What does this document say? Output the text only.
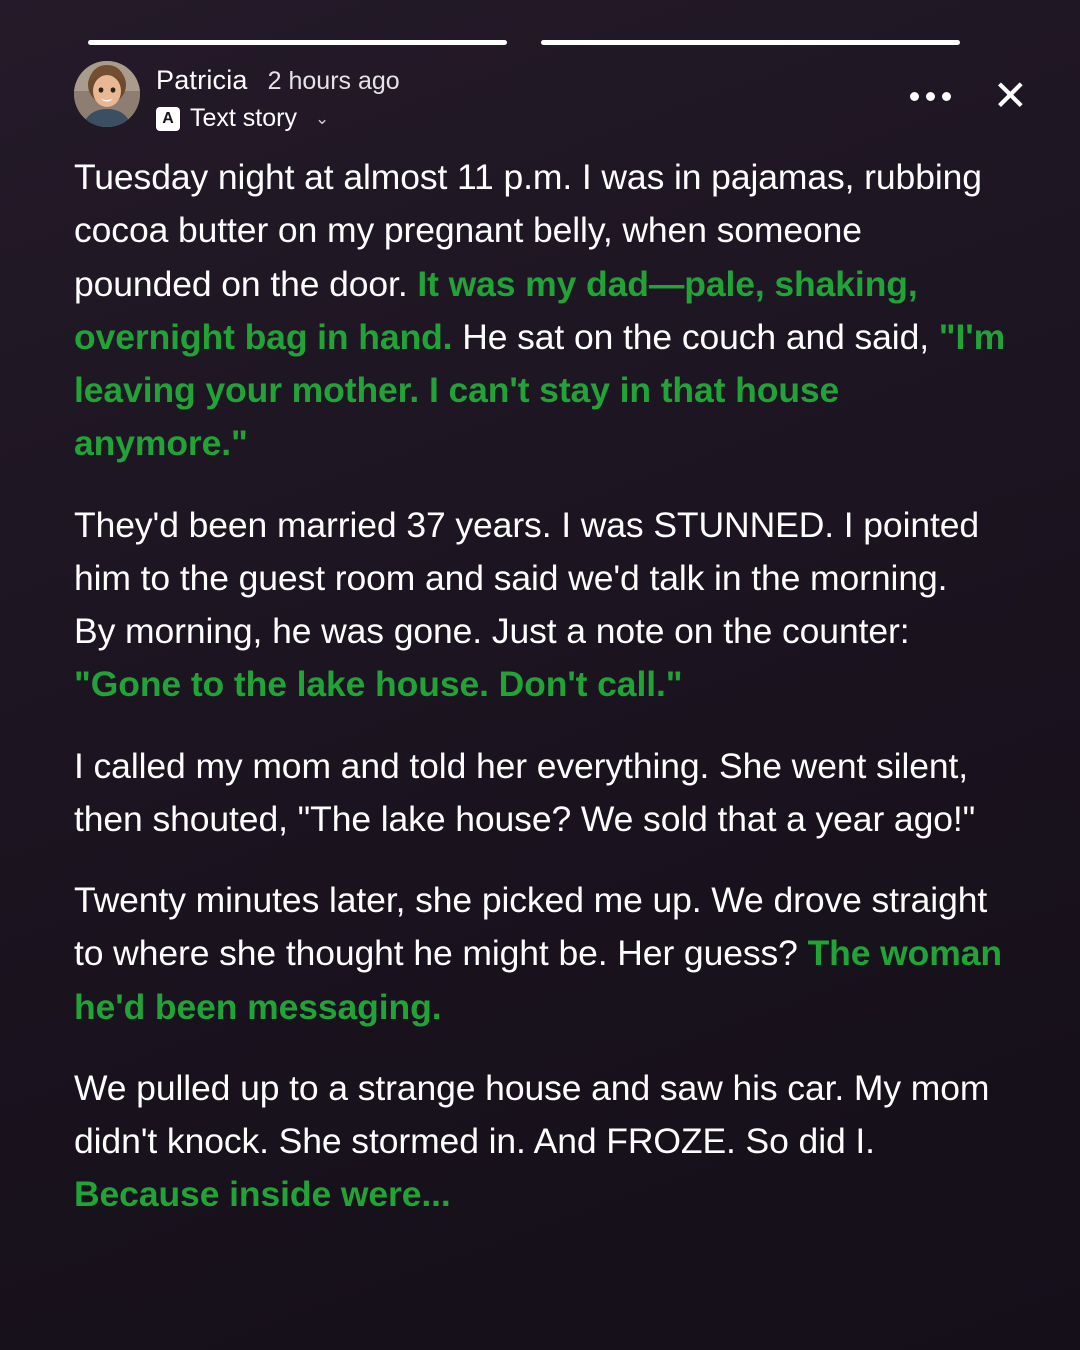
Patricia 2 hours ago
A Text story ⌄	✕
Tuesday night at almost 11 p.m. I was in pajamas, rubbing cocoa butter on my pregnant belly, when someone pounded on the door. It was my dad—pale, shaking, overnight bag in hand. He sat on the couch and said, "I'm leaving your mother. I can't stay in that house anymore."
They'd been married 37 years. I was STUNNED. I pointed him to the guest room and said we'd talk in the morning.
By morning, he was gone. Just a note on the counter: "Gone to the lake house. Don't call."
I called my mom and told her everything. She went silent, then shouted, "The lake house? We sold that a year ago!"
Twenty minutes later, she picked me up. We drove straight to where she thought he might be. Her guess? The woman he'd been messaging.
We pulled up to a strange house and saw his car. My mom didn't knock. She stormed in. And FROZE. So did I. Because inside were...
